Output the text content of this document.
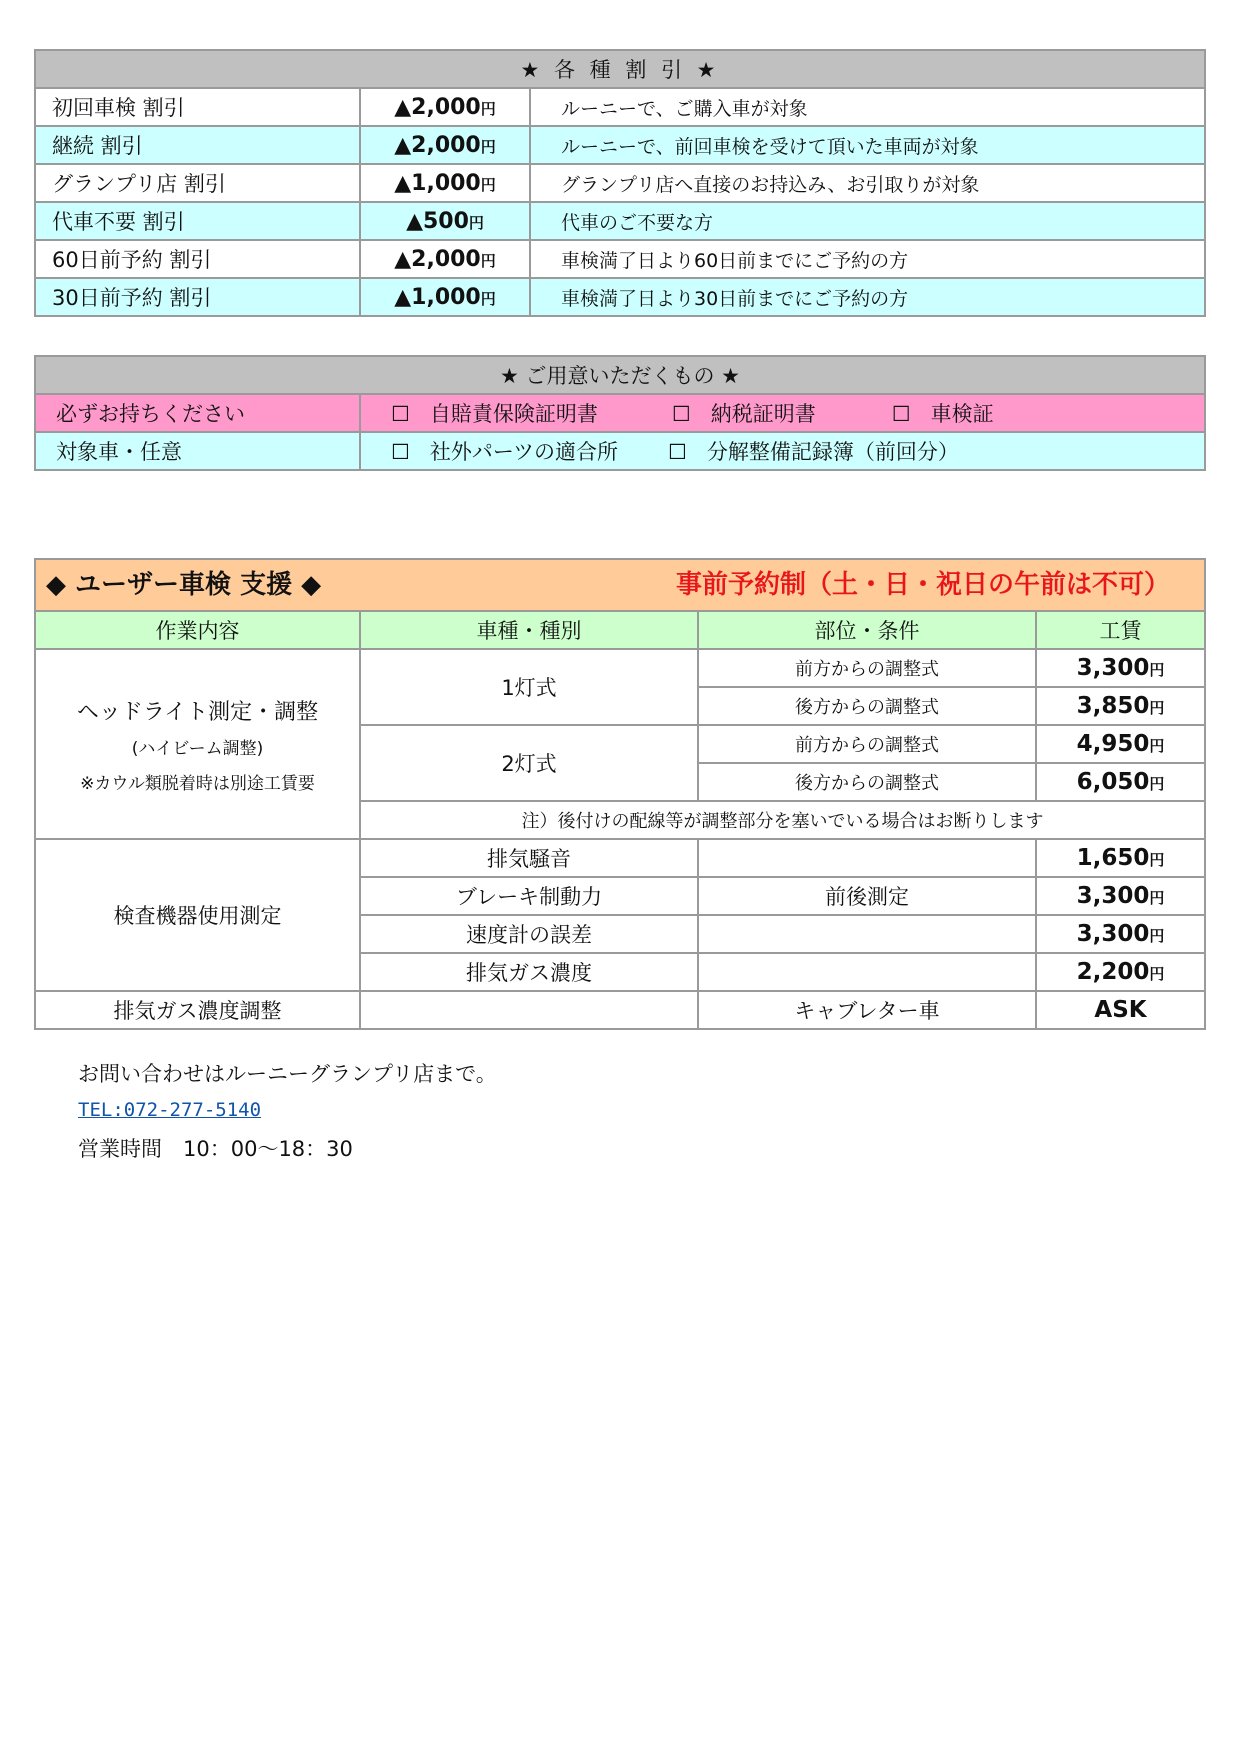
★ 各 種 割 引 ★		
初回車検 割引	▲2,000円	ルーニーで、ご購入車が対象
継続 割引	▲2,000円	ルーニーで、前回車検を受けて頂いた車両が対象
グランプリ店 割引	▲1,000円	グランプリ店へ直接のお持込み、お引取りが対象
代車不要 割引	▲500円	代車のご不要な方
60日前予約 割引	▲2,000円	車検満了日より60日前までにご予約の方
30日前予約 割引	▲1,000円	車検満了日より30日前までにご予約の方
★ ご用意いただくもの ★	
必ずお持ちください	☐ 自賠責保険証明書 ☐ 納税証明書 ☐ 車検証
対象車・任意	☐ 社外パーツの適合所 ☐ 分解整備記録簿（前回分）
◆ ユーザー車検 支援 ◆ 事前予約制（土・日・祝日の午前は不可）			

作業内容	車種・種別	部位・条件	工賃
ヘッドライト測定・調整
(ハイビーム調整)
※カウル類脱着時は別途工賃要	1灯式	前方からの調整式	3,300円
		後方からの調整式	3,850円
	2灯式	前方からの調整式	4,950円
		後方からの調整式	6,050円
	注）後付けの配線等が調整部分を塞いでいる場合はお断りします		
検査機器使用測定	排気騒音		1,650円
	ブレーキ制動力	前後測定	3,300円
	速度計の誤差		3,300円
	排気ガス濃度		2,200円
排気ガス濃度調整		キャブレター車	ASK
お問い合わせはルーニーグランプリ店まで。
TEL:072-277-5140
営業時間　10：00～18：30
